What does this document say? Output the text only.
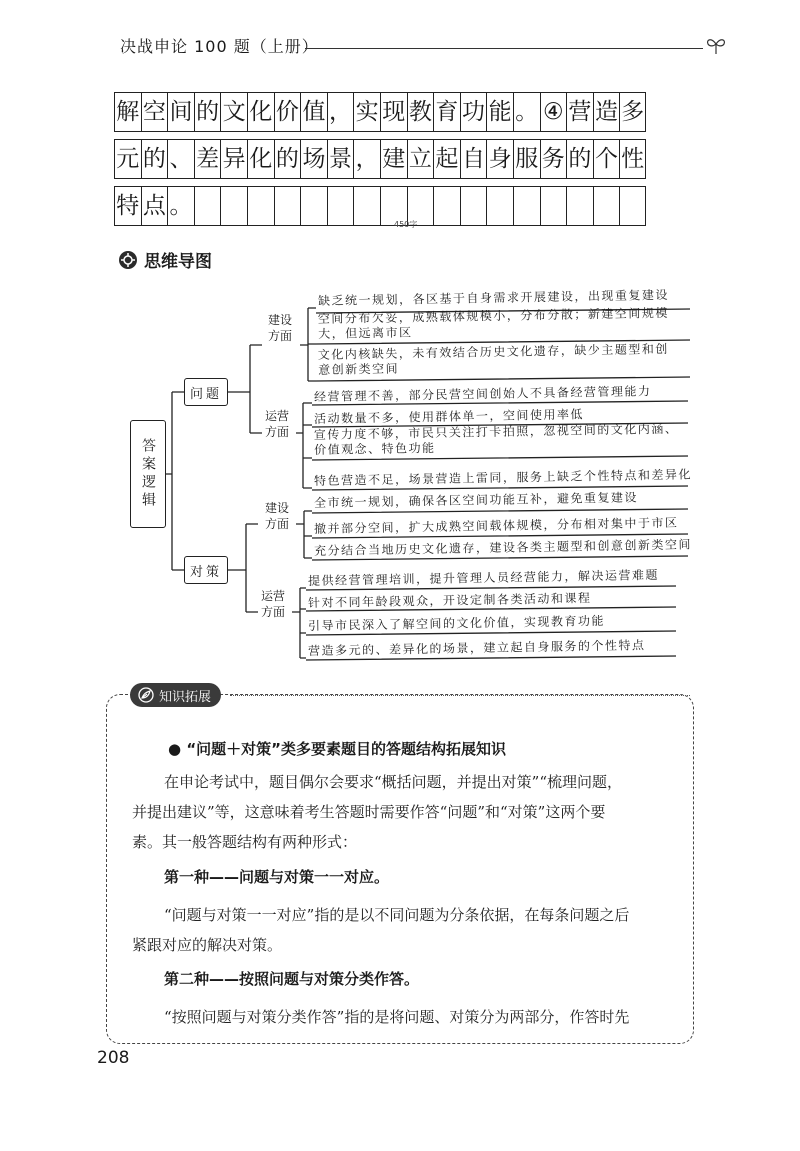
决战申论 100 题（上册）
解 空 间 的 文 化 价 值 ， 实 现 教 育 功 能 。 ④ 营 造 多
元 的 、 差 异 化 的 场 景 ， 建 立 起 自 身 服 务 的 个 性
特 点 。
450字
思维导图
答案逻辑
问题
建设方面
运营方面
缺乏统一规划，各区基于自身需求开展建设，出现重复建设
空间分布欠妥，成熟载体规模小，分布分散；新建空间规模大，但远离市区
文化内核缺失，未有效结合历史文化遗存，缺少主题型和创意创新类空间
经营管理不善，部分民营空间创始人不具备经营管理能力
活动数量不多，使用群体单一，空间使用率低
宣传力度不够，市民只关注打卡拍照，忽视空间的文化内涵、价值观念、特色功能
特色营造不足，场景营造上雷同，服务上缺乏个性特点和差异化
对策
建设方面
运营方面
全市统一规划，确保各区空间功能互补，避免重复建设
撤并部分空间，扩大成熟空间载体规模，分布相对集中于市区
充分结合当地历史文化遗存，建设各类主题型和创意创新类空间
提供经营管理培训，提升管理人员经营能力，解决运营难题
针对不同年龄段观众，开设定制各类活动和课程
引导市民深入了解空间的文化价值，实现教育功能
营造多元的、差异化的场景，建立起自身服务的个性特点
知识拓展
● “问题＋对策”类多要素题目的答题结构拓展知识
在申论考试中，题目偶尔会要求“概括问题，并提出对策”“梳理问题，
并提出建议”等，这意味着考生答题时需要作答“问题”和“对策”这两个要
素。其一般答题结构有两种形式：
第一种——问题与对策一一对应。
“问题与对策一一对应”指的是以不同问题为分条依据，在每条问题之后
紧跟对应的解决对策。
第二种——按照问题与对策分类作答。
“按照问题与对策分类作答”指的是将问题、对策分为两部分，作答时先
208
